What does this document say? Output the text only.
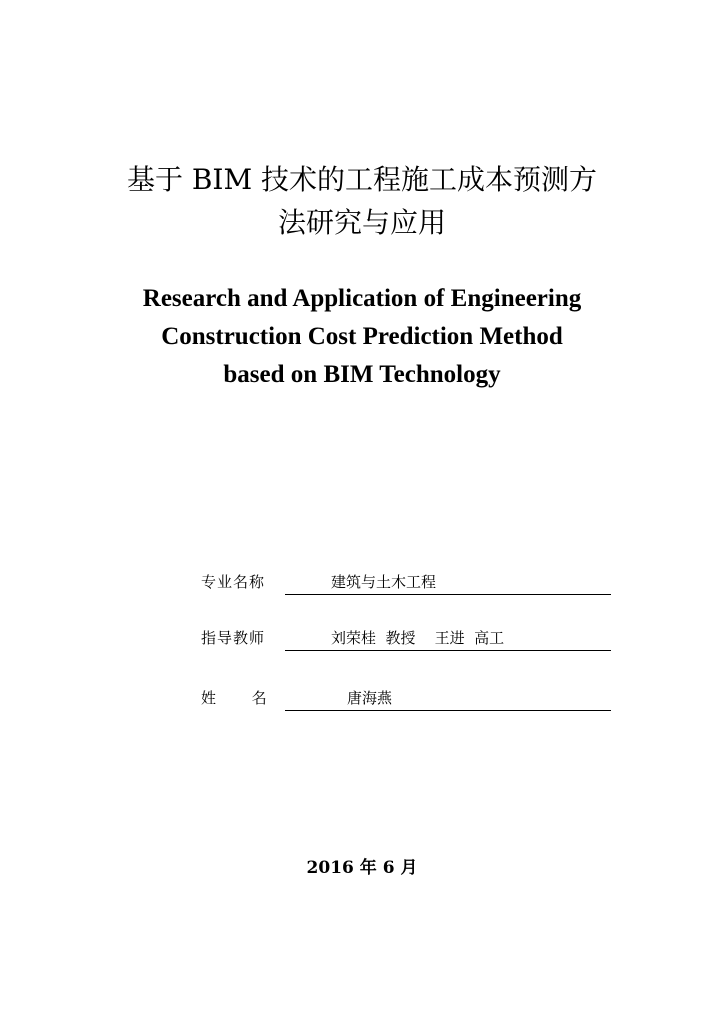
基于 BIM 技术的工程施工成本预测方
法研究与应用
Research and Application of Engineering
Construction Cost Prediction Method
based on BIM Technology
专业名称	建筑与土木工程
指导教师	刘荣桂  教授    王进  高工
姓      名	唐海燕
2016 年 6 月
